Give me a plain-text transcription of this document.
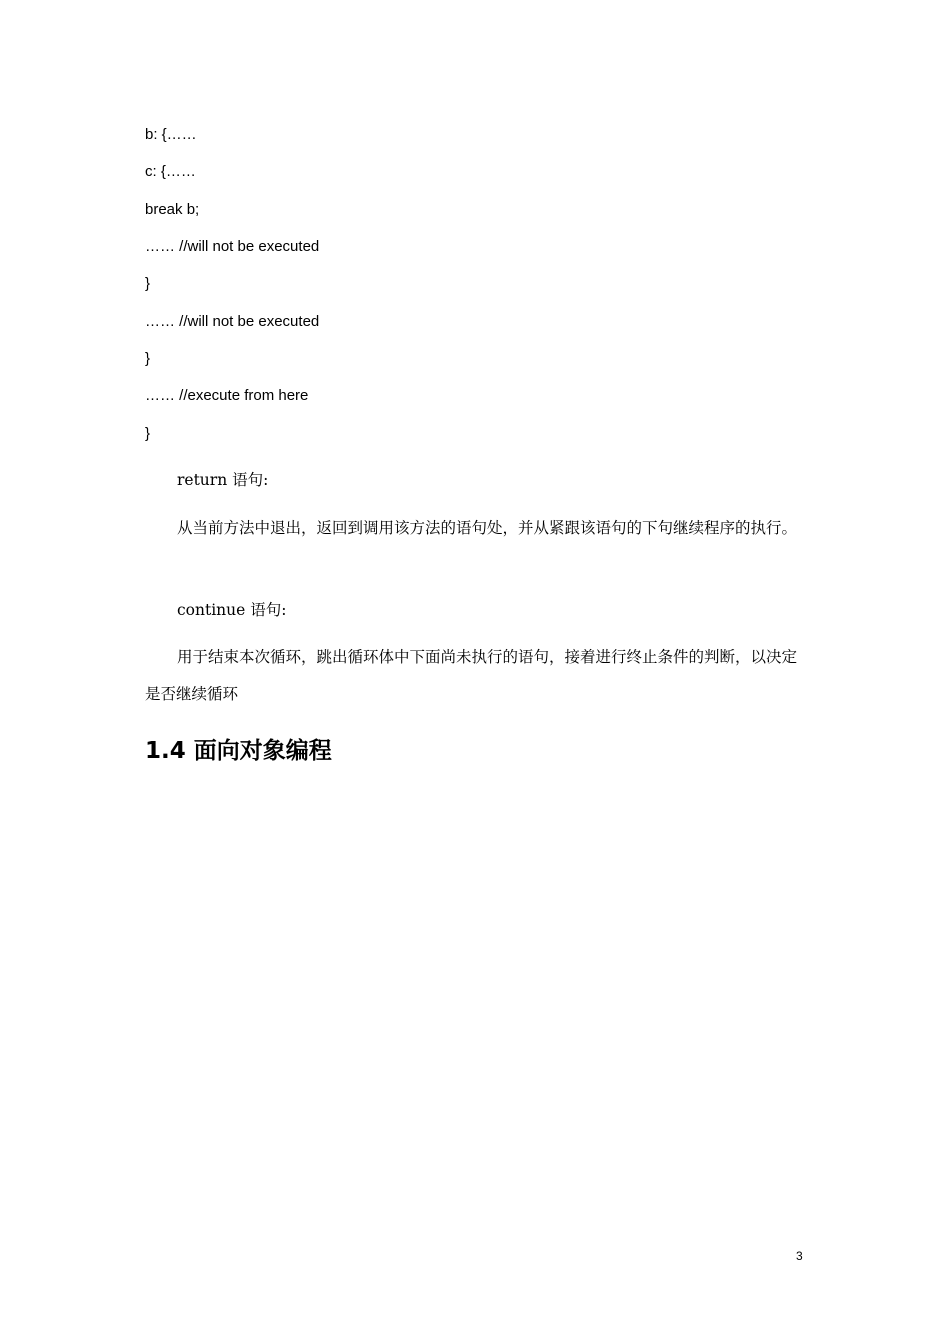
b: {……
c: {……
break b;
…… //will not be executed
}
…… //will not be executed
}
…… //execute from here
}

return 语句:

从当前方法中退出，返回到调用该方法的语句处，并从紧跟该语句的下句继续程序的执行。

continue 语句:

用于结束本次循环，跳出循环体中下面尚未执行的语句，接着进行终止条件的判断，以决定是否继续循环

1.4 面向对象编程
3
